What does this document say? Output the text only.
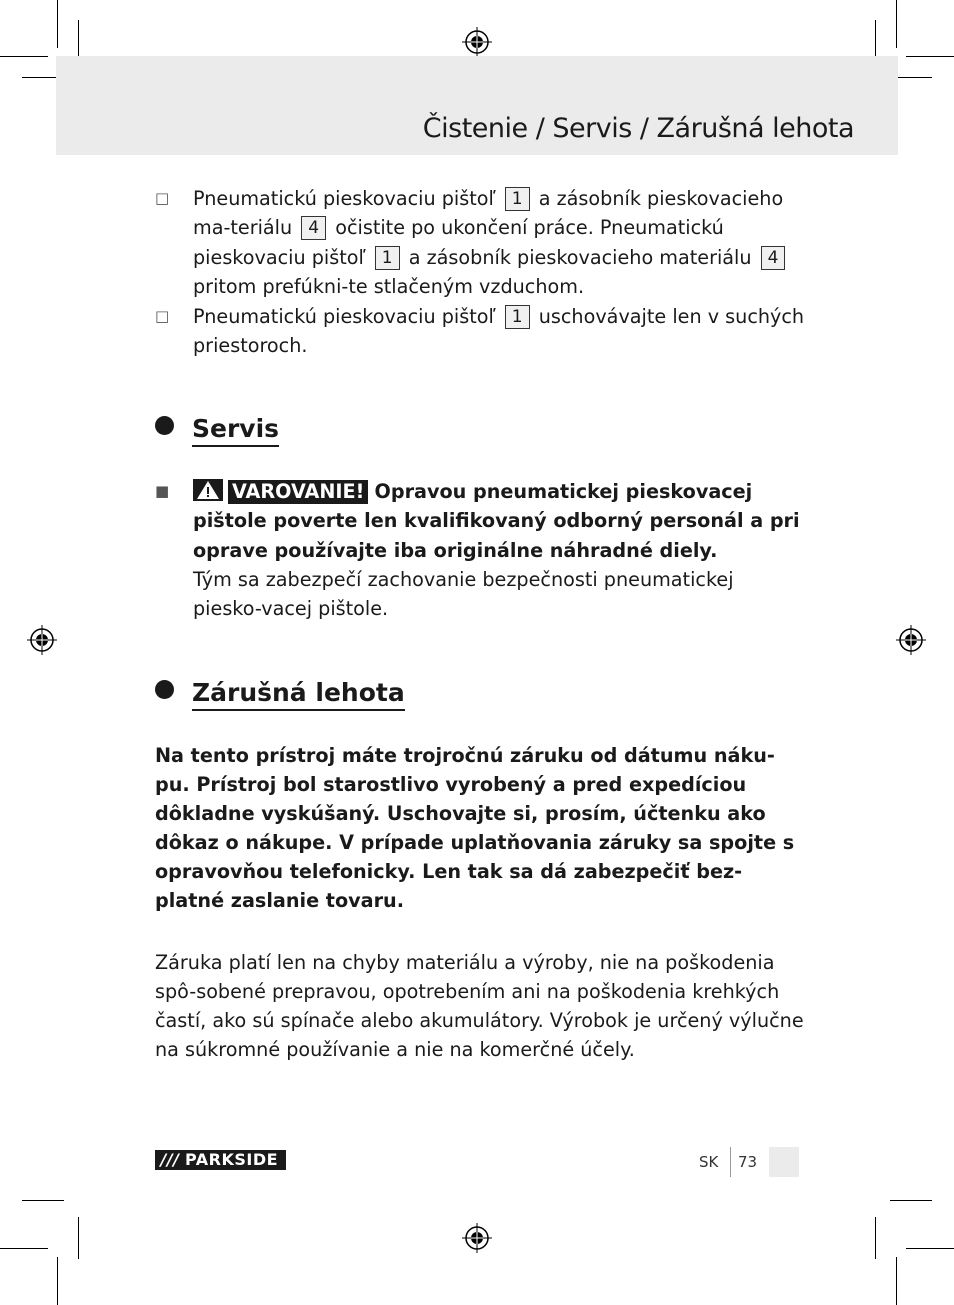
Čistenie / Servis / Zárušná lehota
□ Pneumatickú pieskovaciu pištoľ 1 a zásobník pieskovacieho ma-teriálu 4 očistite po ukončení práce. Pneumatickú pieskovaciu pištoľ 1 a zásobník pieskovacieho materiálu 4 pritom prefúkni-te stlačeným vzduchom.
□ Pneumatickú pieskovaciu pištoľ 1 uschovávajte len v suchých priestoroch.
Servis
■	VAROVANIE! Opravou pneumatickej pieskovacej pištole poverte len kvalifikovaný odborný personál a pri oprave používajte iba originálne náhradné diely.
Tým sa zabezpečí zachovanie bezpečnosti pneumatickej piesko-vacej pištole.
Zárušná lehota
Na tento prístroj máte trojročnú záruku od dátumu náku-pu. Prístroj bol starostlivo vyrobený a pred expedíciou dôkladne vyskúšaný. Uschovajte si, prosím, účtenku ako dôkaz o nákupe. V prípade uplatňovania záruky sa spojte s opravovňou telefonicky. Len tak sa dá zabezpečiť bez-platné zaslanie tovaru.
Záruka platí len na chyby materiálu a výroby, nie na poškodenia spô-sobené prepravou, opotrebením ani na poškodenia krehkých častí, ako sú spínače alebo akumulátory. Výrobok je určený výlučne na súkromné používanie a nie na komerčné účely.
/// PARKSIDE	SK 73
